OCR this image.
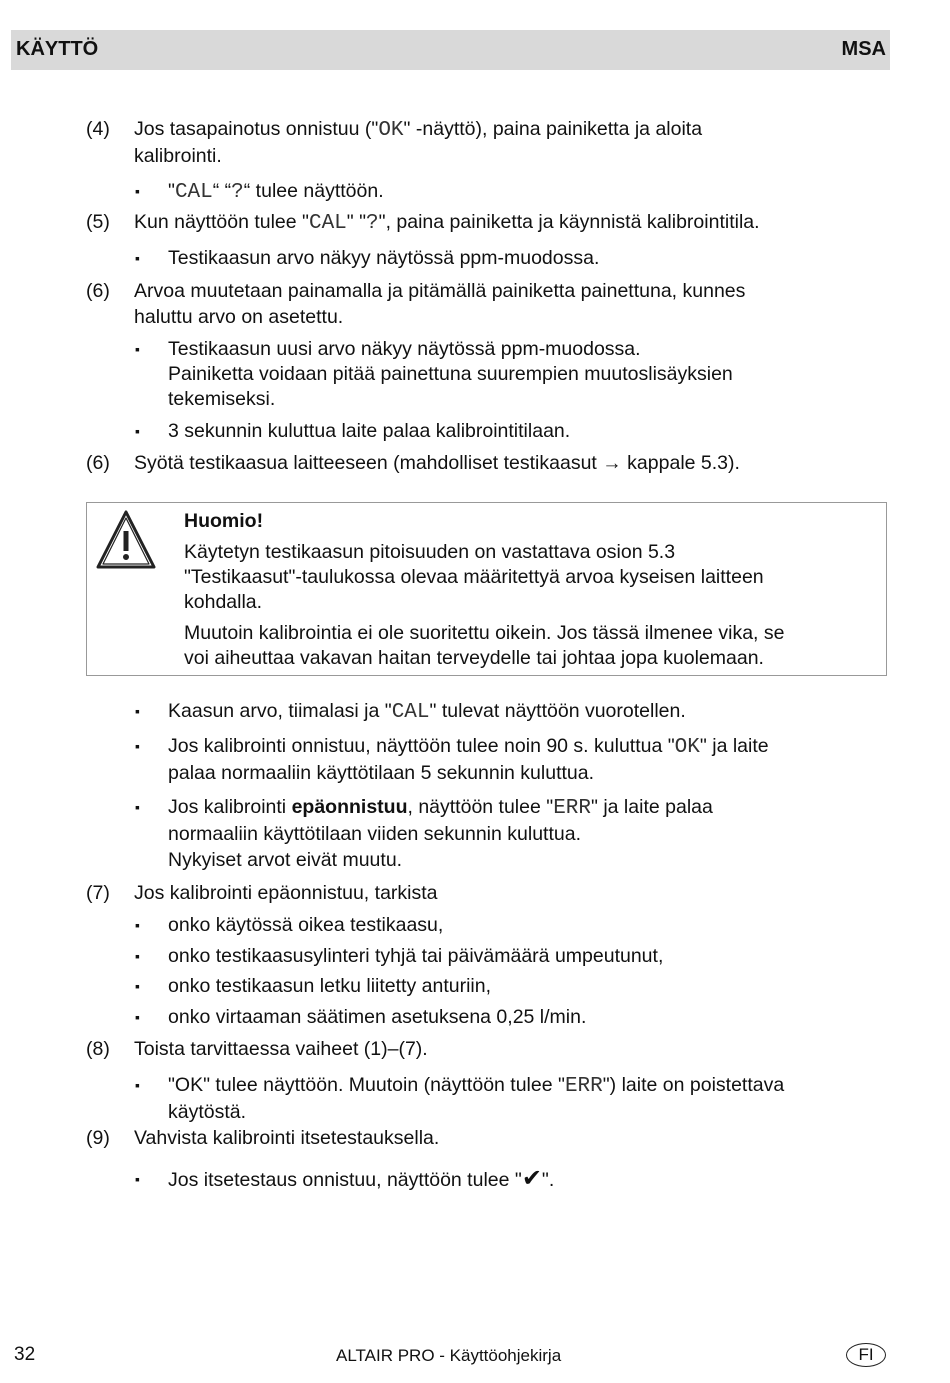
KÄYTTÖ	MSA
(4) Jos tasapainotus onnistuu ("OK" -näyttö), paina painiketta ja aloita
kalibrointi.
▪ "CAL“ “?“ tulee näyttöön.
(5) Kun näyttöön tulee "CAL" "?", paina painiketta ja käynnistä kalibrointitila.
▪ Testikaasun arvo näkyy näytössä ppm-muodossa.
(6) Arvoa muutetaan painamalla ja pitämällä painiketta painettuna, kunnes
haluttu arvo on asetettu.
▪ Testikaasun uusi arvo näkyy näytössä ppm-muodossa.
Painiketta voidaan pitää painettuna suurempien muutoslisäyksien
tekemiseksi.
▪ 3 sekunnin kuluttua laite palaa kalibrointitilaan.
(6) Syötä testikaasua laitteeseen (mahdolliset testikaasut → kappale 5.3).
Huomio!
Käytetyn testikaasun pitoisuuden on vastattava osion 5.3
"Testikaasut"-taulukossa olevaa määritettyä arvoa kyseisen laitteen
kohdalla.
Muutoin kalibrointia ei ole suoritettu oikein. Jos tässä ilmenee vika, se
voi aiheuttaa vakavan haitan terveydelle tai johtaa jopa kuolemaan.
▪ Kaasun arvo, tiimalasi ja "CAL" tulevat näyttöön vuorotellen.
▪ Jos kalibrointi onnistuu, näyttöön tulee noin 90 s. kuluttua "OK" ja laite
palaa normaaliin käyttötilaan 5 sekunnin kuluttua.
▪ Jos kalibrointi epäonnistuu, näyttöön tulee "ERR" ja laite palaa
normaaliin käyttötilaan viiden sekunnin kuluttua.
Nykyiset arvot eivät muutu.
(7) Jos kalibrointi epäonnistuu, tarkista
▪ onko käytössä oikea testikaasu,
▪ onko testikaasusylinteri tyhjä tai päivämäärä umpeutunut,
▪ onko testikaasun letku liitetty anturiin,
▪ onko virtaaman säätimen asetuksena 0,25 l/min.
(8) Toista tarvittaessa vaiheet (1)–(7).
▪ "OK" tulee näyttöön. Muutoin (näyttöön tulee "ERR") laite on poistettava
käytöstä.
(9) Vahvista kalibrointi itsetestauksella.
▪ Jos itsetestaus onnistuu, näyttöön tulee "✔".
32	ALTAIR PRO - Käyttöohjekirja	FI
